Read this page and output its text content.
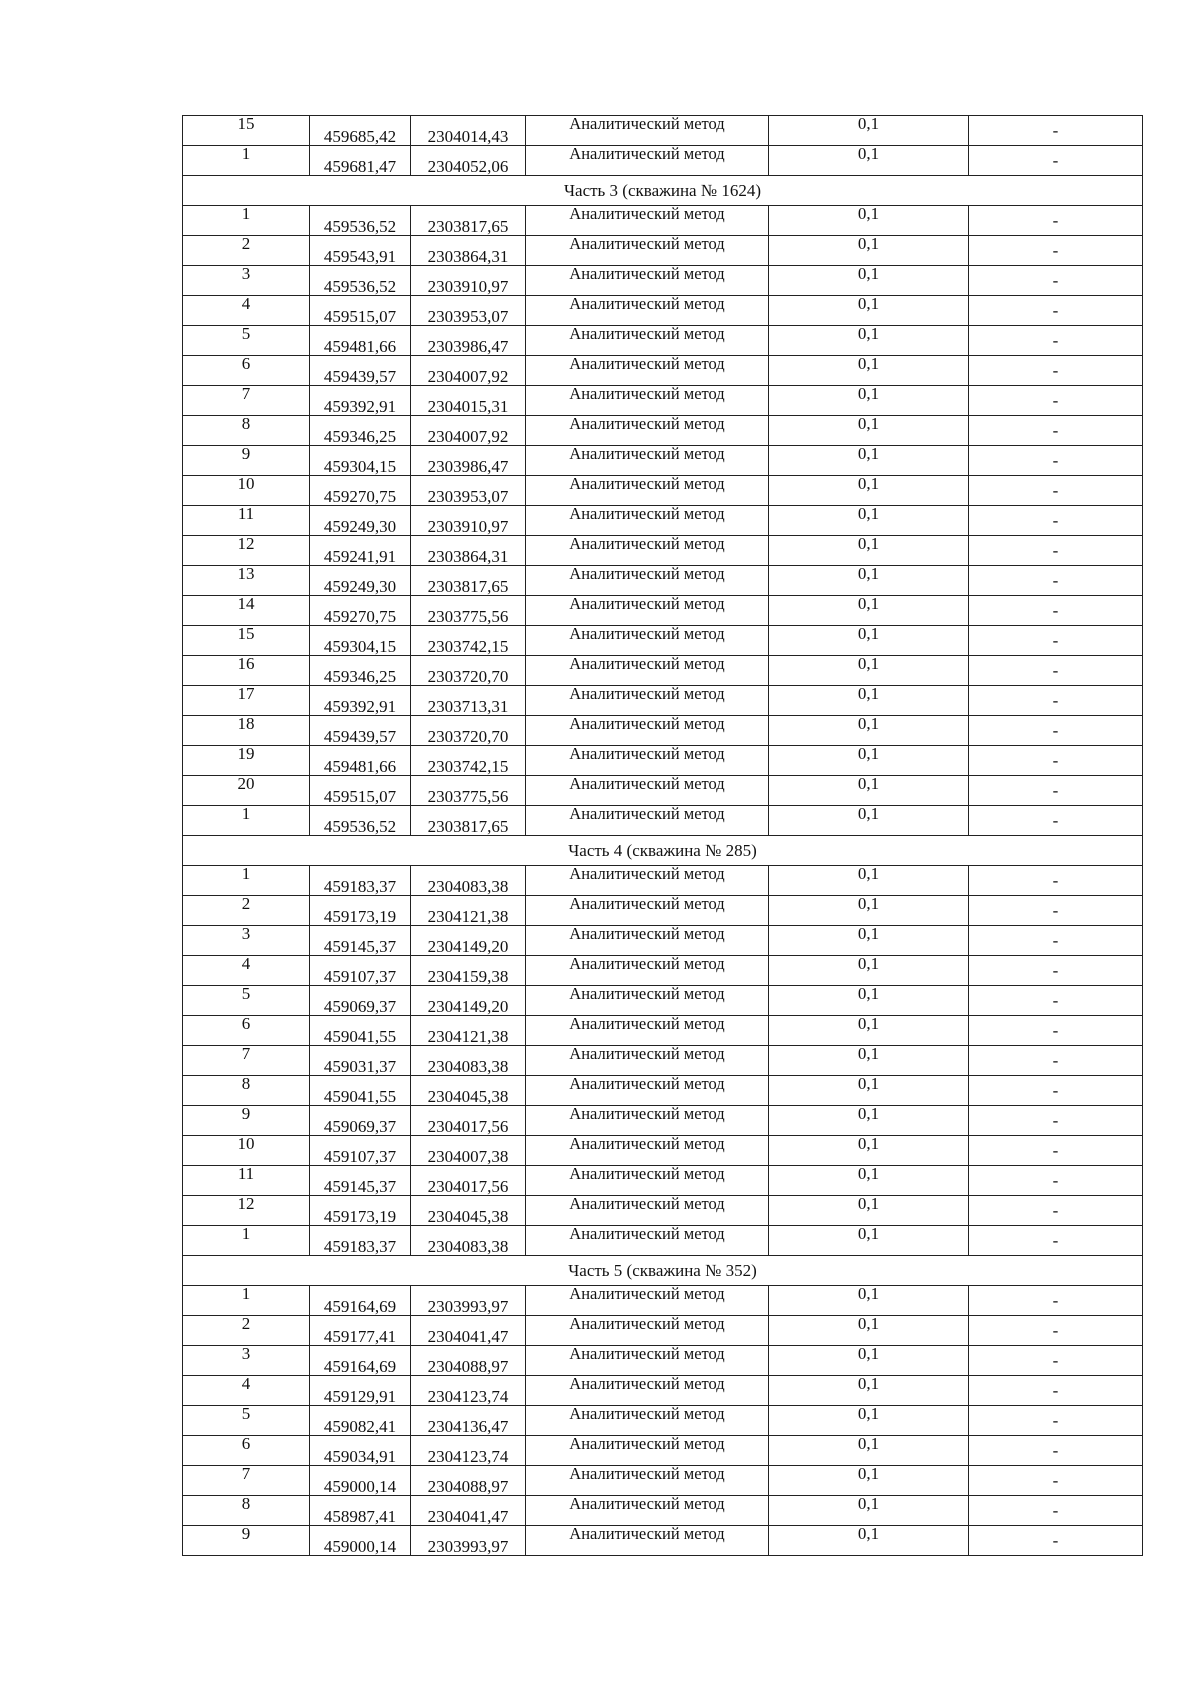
15	459685,42	2304014,43	Аналитический метод	0,1	-
1	459681,47	2304052,06	Аналитический метод	0,1	-
Часть 3 (скважина № 1624)					
1	459536,52	2303817,65	Аналитический метод	0,1	-
2	459543,91	2303864,31	Аналитический метод	0,1	-
3	459536,52	2303910,97	Аналитический метод	0,1	-
4	459515,07	2303953,07	Аналитический метод	0,1	-
5	459481,66	2303986,47	Аналитический метод	0,1	-
6	459439,57	2304007,92	Аналитический метод	0,1	-
7	459392,91	2304015,31	Аналитический метод	0,1	-
8	459346,25	2304007,92	Аналитический метод	0,1	-
9	459304,15	2303986,47	Аналитический метод	0,1	-
10	459270,75	2303953,07	Аналитический метод	0,1	-
11	459249,30	2303910,97	Аналитический метод	0,1	-
12	459241,91	2303864,31	Аналитический метод	0,1	-
13	459249,30	2303817,65	Аналитический метод	0,1	-
14	459270,75	2303775,56	Аналитический метод	0,1	-
15	459304,15	2303742,15	Аналитический метод	0,1	-
16	459346,25	2303720,70	Аналитический метод	0,1	-
17	459392,91	2303713,31	Аналитический метод	0,1	-
18	459439,57	2303720,70	Аналитический метод	0,1	-
19	459481,66	2303742,15	Аналитический метод	0,1	-
20	459515,07	2303775,56	Аналитический метод	0,1	-
1	459536,52	2303817,65	Аналитический метод	0,1	-
Часть 4 (скважина № 285)					
1	459183,37	2304083,38	Аналитический метод	0,1	-
2	459173,19	2304121,38	Аналитический метод	0,1	-
3	459145,37	2304149,20	Аналитический метод	0,1	-
4	459107,37	2304159,38	Аналитический метод	0,1	-
5	459069,37	2304149,20	Аналитический метод	0,1	-
6	459041,55	2304121,38	Аналитический метод	0,1	-
7	459031,37	2304083,38	Аналитический метод	0,1	-
8	459041,55	2304045,38	Аналитический метод	0,1	-
9	459069,37	2304017,56	Аналитический метод	0,1	-
10	459107,37	2304007,38	Аналитический метод	0,1	-
11	459145,37	2304017,56	Аналитический метод	0,1	-
12	459173,19	2304045,38	Аналитический метод	0,1	-
1	459183,37	2304083,38	Аналитический метод	0,1	-
Часть 5 (скважина № 352)					
1	459164,69	2303993,97	Аналитический метод	0,1	-
2	459177,41	2304041,47	Аналитический метод	0,1	-
3	459164,69	2304088,97	Аналитический метод	0,1	-
4	459129,91	2304123,74	Аналитический метод	0,1	-
5	459082,41	2304136,47	Аналитический метод	0,1	-
6	459034,91	2304123,74	Аналитический метод	0,1	-
7	459000,14	2304088,97	Аналитический метод	0,1	-
8	458987,41	2304041,47	Аналитический метод	0,1	-
9	459000,14	2303993,97	Аналитический метод	0,1	-
